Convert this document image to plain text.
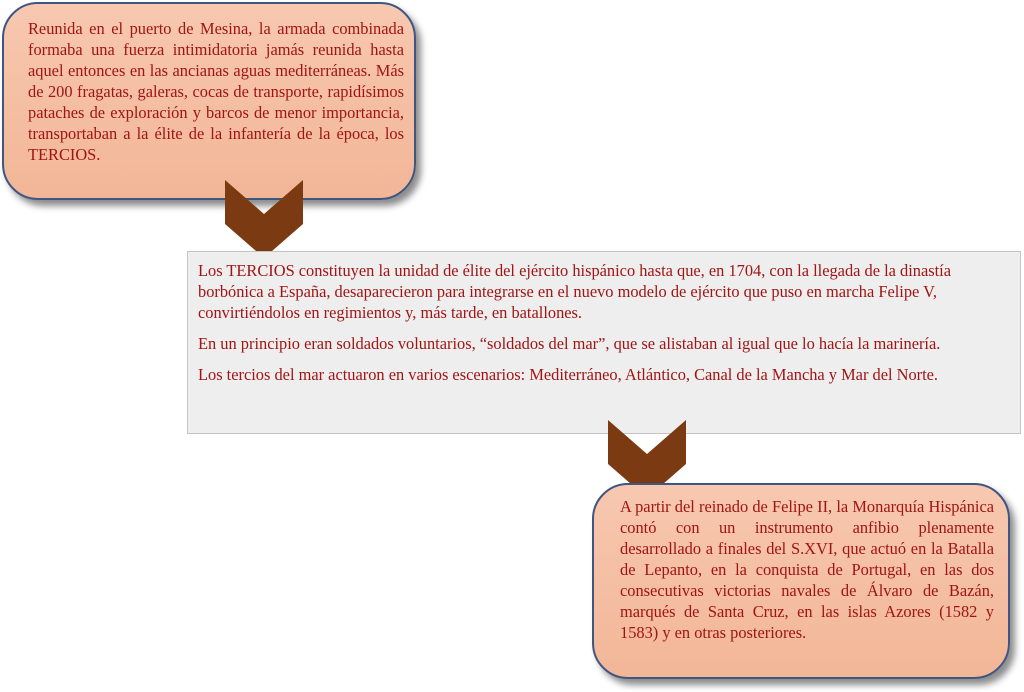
Reunida en el puerto de Mesina, la armada combinada formaba una fuerza intimidatoria jamás reunida hasta aquel entonces en las ancianas aguas mediterráneas. Más de 200 fragatas, galeras, cocas de transporte, rapidísimos pataches de exploración y barcos de menor importancia, transportaban a la élite de la infantería de la época, los TERCIOS.

Los TERCIOS constituyen la unidad de élite del ejército hispánico hasta que, en 1704, con la llegada de la dinastía borbónica a España, desaparecieron para integrarse en el nuevo modelo de ejército que puso en marcha Felipe V, convirtiéndolos en regimientos y, más tarde, en batallones.

En un principio eran soldados voluntarios, “soldados del mar”, que se alistaban al igual que lo hacía la marinería.

Los tercios del mar actuaron en varios escenarios: Mediterráneo, Atlántico, Canal de la Mancha y Mar del Norte.

A partir del reinado de Felipe II, la Monarquía Hispánica contó con un instrumento anfibio plenamente desarrollado a finales del S.XVI, que actuó en la Batalla de Lepanto, en la conquista de Portugal, en las dos consecutivas victorias navales de Álvaro de Bazán, marqués de Santa Cruz, en las islas Azores (1582 y 1583) y en otras posteriores.
